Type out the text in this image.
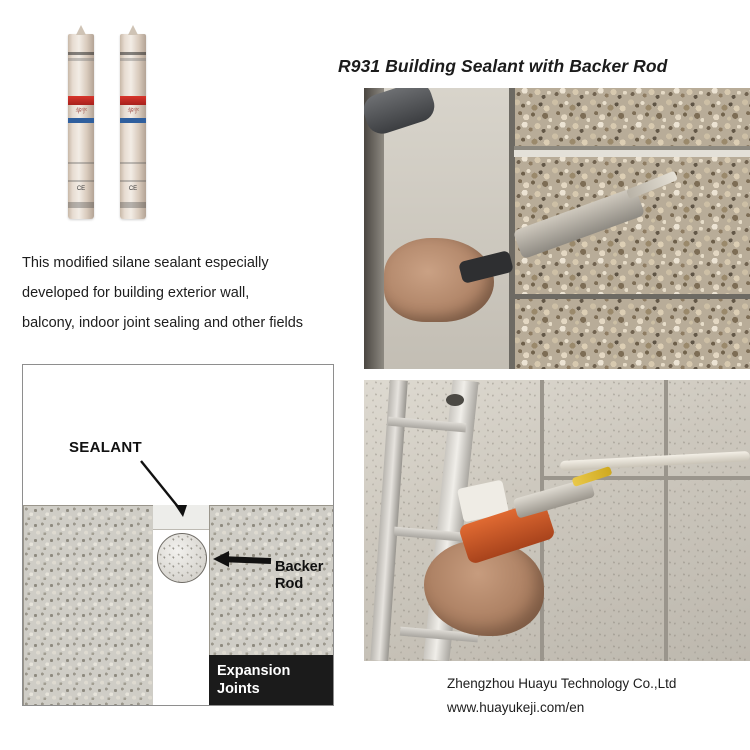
华宇
CE
华宇
CE
R931 Building Sealant with Backer Rod
This modified silane sealant especially
developed for building exterior wall,
balcony, indoor joint sealing and other fields
SEALANT
Backer
Rod
Expansion
Joints	Zhengzhou Huayu Technology Co.,Ltd
www.huayukeji.com/en
